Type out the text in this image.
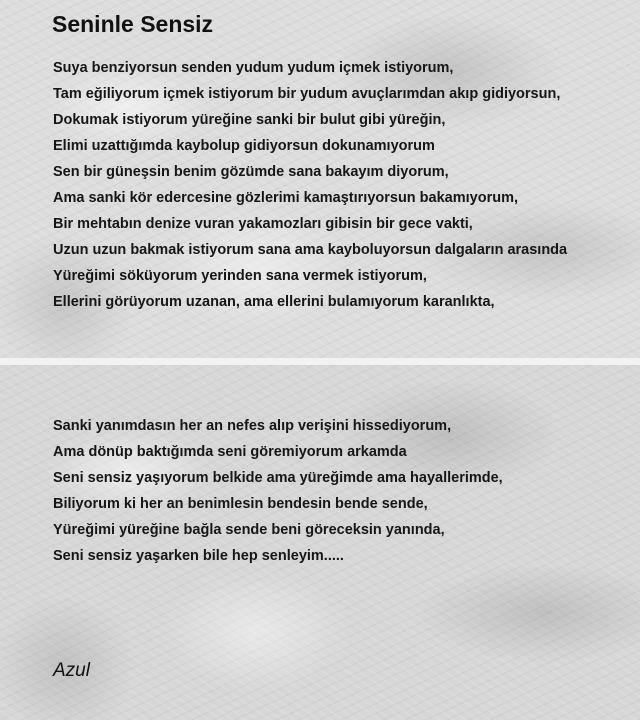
Seninle Sensiz
Suya benziyorsun senden yudum yudum içmek istiyorum,
Tam eğiliyorum içmek istiyorum bir yudum avuçlarımdan akıp gidiyorsun,
Dokumak istiyorum yüreğine sanki bir bulut gibi yüreğin,
Elimi uzattığımda kaybolup gidiyorsun dokunamıyorum
Sen bir güneşsin benim gözümde sana bakayım diyorum,
Ama sanki kör edercesine gözlerimi kamaştırıyorsun bakamıyorum,
Bir mehtabın denize vuran yakamozları gibisin bir gece vakti,
Uzun uzun bakmak istiyorum sana ama kayboluyorsun dalgaların arasında
Yüreğimi söküyorum yerinden sana vermek istiyorum,
Ellerini görüyorum uzanan, ama ellerini bulamıyorum karanlıkta,
Sanki yanımdasın her an nefes alıp verişini hissediyorum,
Ama dönüp baktığımda seni göremiyorum arkamda
Seni sensiz yaşıyorum belkide ama yüreğimde ama hayallerimde,
Biliyorum ki her an benimlesin bendesin bende sende,
Yüreğimi yüreğine bağla sende beni göreceksin yanında,
Seni sensiz yaşarken bile hep senleyim.....
Azul
